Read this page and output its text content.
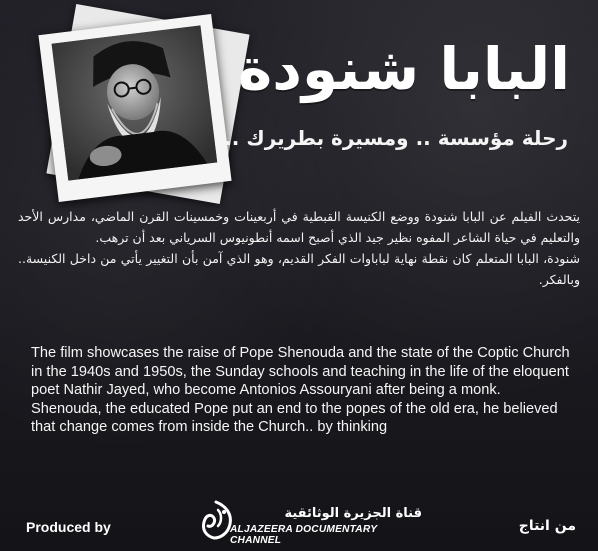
البابا شنودة
رحلة مؤسسة .. ومسيرة بطريرك ..

يتحدث الفيلم عن البابا شنودة ووضع الكنيسة القبطية في أربعينات وخمسينات القرن الماضي، مدارس الأحد والتعليم في حياة الشاعر المفوه نظير جيد الذي أصبح اسمه أنطونيوس السرياني بعد أن ترهب.

شنودة، البابا المتعلم كان نقطة نهاية لباباوات الفكر القديم، وهو الذي آمن بأن التغيير يأتي من داخل الكنيسة.. وبالفكر.

The film showcases the raise of Pope Shenouda and the state of the Coptic Church in the 1940s and 1950s, the Sunday schools and teaching in the life of the eloquent poet Nathir Jayed, who become Antonios Assouryani after being a monk.

Shenouda, the educated Pope put an end to the popes of the old era, he believed that change comes from inside the Church.. by thinking

Produced by
قناة الجزيرة الوثائقية
ALJAZEERA DOCUMENTARY CHANNEL
من انتاج
